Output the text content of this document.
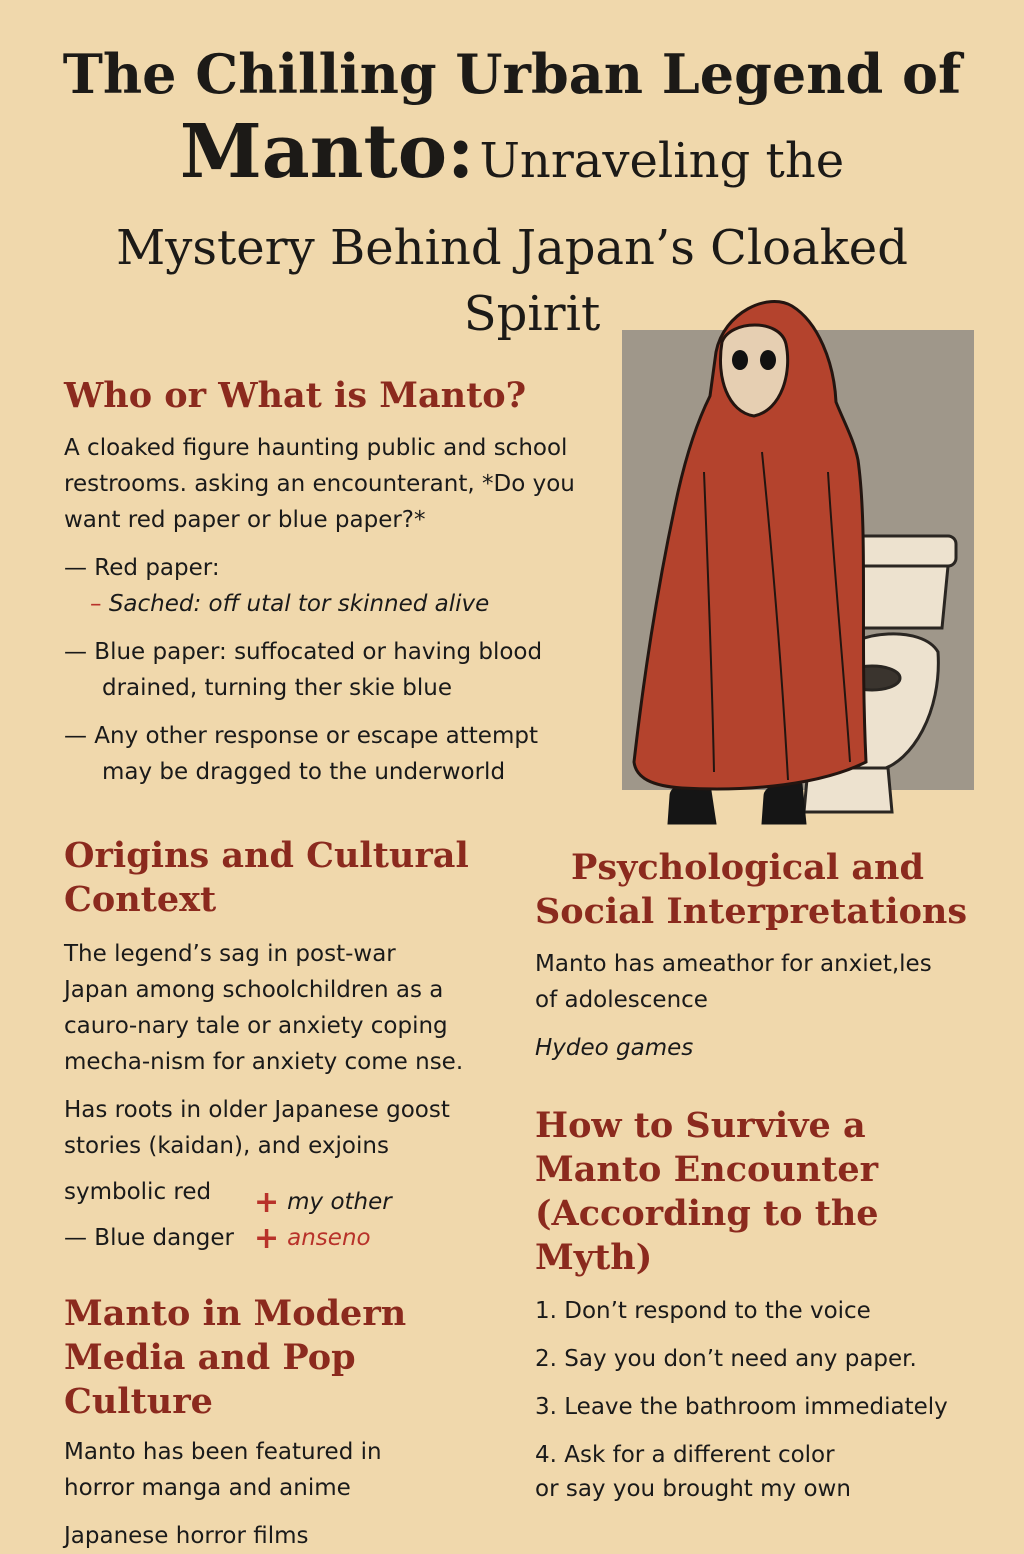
The Chilling Urban Legend of
Manto: Unraveling the
Mystery Behind Japan’s Cloaked
Spirit
Who or What is Manto?

A cloaked figure haunting public and school restrooms. asking an encounterant, *Do you want red paper or blue paper?*

— Red paper:

– Sached: off utal tor skinned alive

— Blue paper: suffocated or having blood

drained, turning ther skie blue

— Any other response or escape attempt

may be dragged to the underworld

Origins and Cultural
Context

The legend’s sag in post-war Japan among schoolchildren as a caurо-nary tale or anxiety coping mecha-nism for anxiety come nse.

Has roots in older Japanese goost stories (kaidan), and exjoins

symbolic red	+ my other
— Blue danger + anseno
Manto in Modern
Media and Pop Culture

Manto has been featured in horror manga and anime

Japanese horror films

Psychological and
Social Interpretations

Manto has ameathor for anxiet,les of adolescence

Hydeo games

How to Survive a
Manto Encounter
(According to the Myth)
1. Don’t respond to the voice
2. Say you don’t need any paper.
3. Leave the bathroom immediately
4. Ask for a different color or say you brought my own
